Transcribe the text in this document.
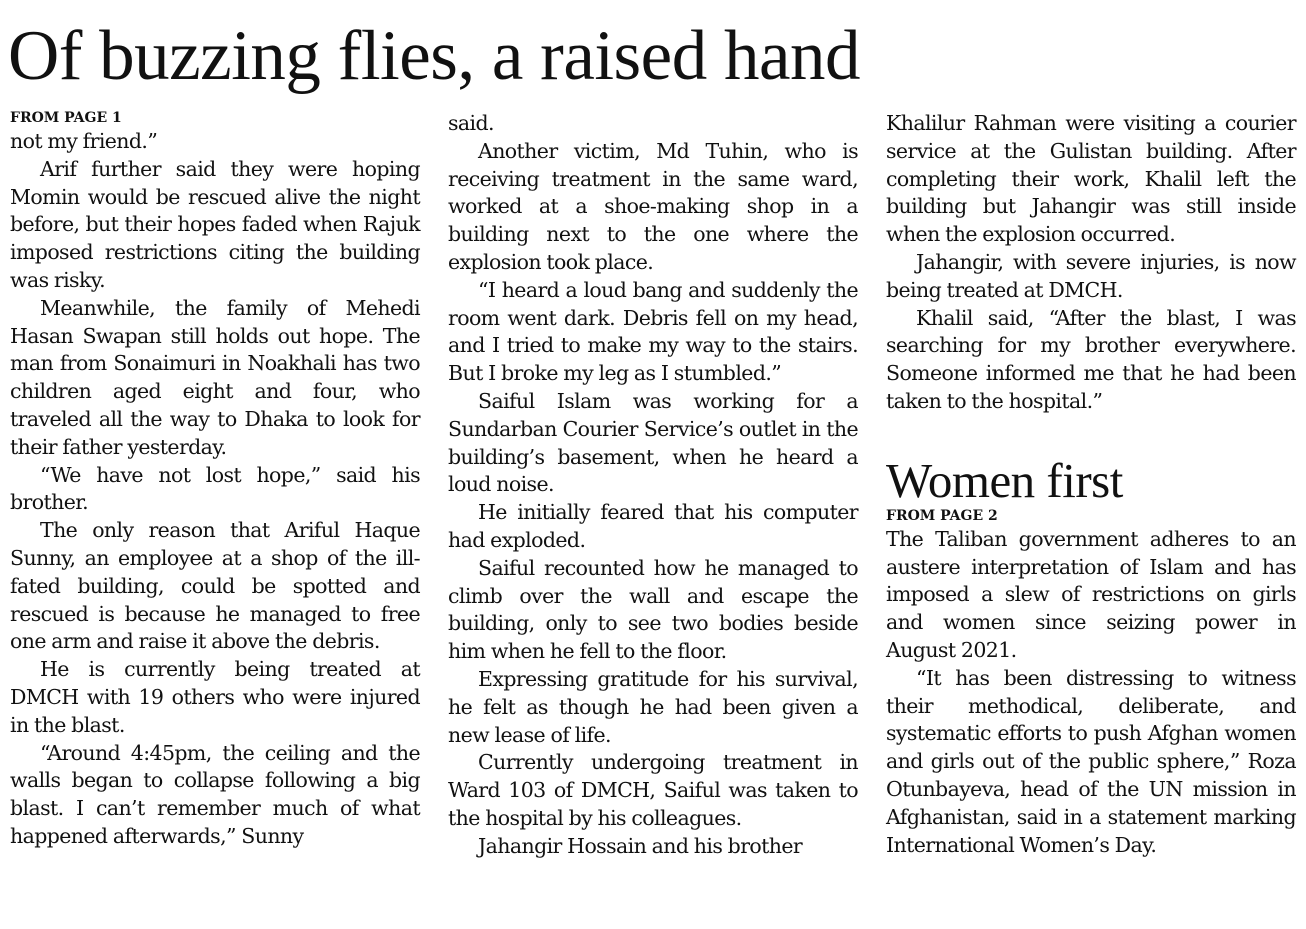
Of buzzing flies, a raised hand
FROM PAGE 1

not my friend.”

Arif further said they were hoping Momin would be rescued alive the night before, but their hopes faded when Rajuk imposed restrictions citing the building was risky.

Meanwhile, the family of Mehedi Hasan Swapan still holds out hope. The man from Sonaimuri in Noakhali has two children aged eight and four, who traveled all the way to Dhaka to look for their father yesterday.

“We have not lost hope,” said his brother.

The only reason that Ariful Haque Sunny, an employee at a shop of the ill-fated building, could be spotted and rescued is because he managed to free one arm and raise it above the debris.

He is currently being treated at DMCH with 19 others who were injured in the blast.

“Around 4:45pm, the ceiling and the walls began to collapse following a big blast. I can’t remember much of what happened afterwards,” Sunny

said.

Another victim, Md Tuhin, who is receiving treatment in the same ward, worked at a shoe-making shop in a building next to the one where the explosion took place.

“I heard a loud bang and suddenly the room went dark. Debris fell on my head, and I tried to make my way to the stairs. But I broke my leg as I stumbled.”

Saiful Islam was working for a Sundarban Courier Service’s outlet in the building’s basement, when he heard a loud noise.

He initially feared that his computer had exploded.

Saiful recounted how he managed to climb over the wall and escape the building, only to see two bodies beside him when he fell to the floor.

Expressing gratitude for his survival, he felt as though he had been given a new lease of life.

Currently undergoing treatment in Ward 103 of DMCH, Saiful was taken to the hospital by his colleagues.

Jahangir Hossain and his brother

Khalilur Rahman were visiting a courier service at the Gulistan building. After completing their work, Khalil left the building but Jahangir was still inside when the explosion occurred.

Jahangir, with severe injuries, is now being treated at DMCH.

Khalil said, “After the blast, I was searching for my brother everywhere. Someone informed me that he had been taken to the hospital.”

Women first
FROM PAGE 2

The Taliban government adheres to an austere interpretation of Islam and has imposed a slew of restrictions on girls and women since seizing power in August 2021.

“It has been distressing to witness their methodical, deliberate, and systematic efforts to push Afghan women and girls out of the public sphere,” Roza Otunbayeva, head of the UN mission in Afghanistan, said in a statement marking International Women’s Day.
